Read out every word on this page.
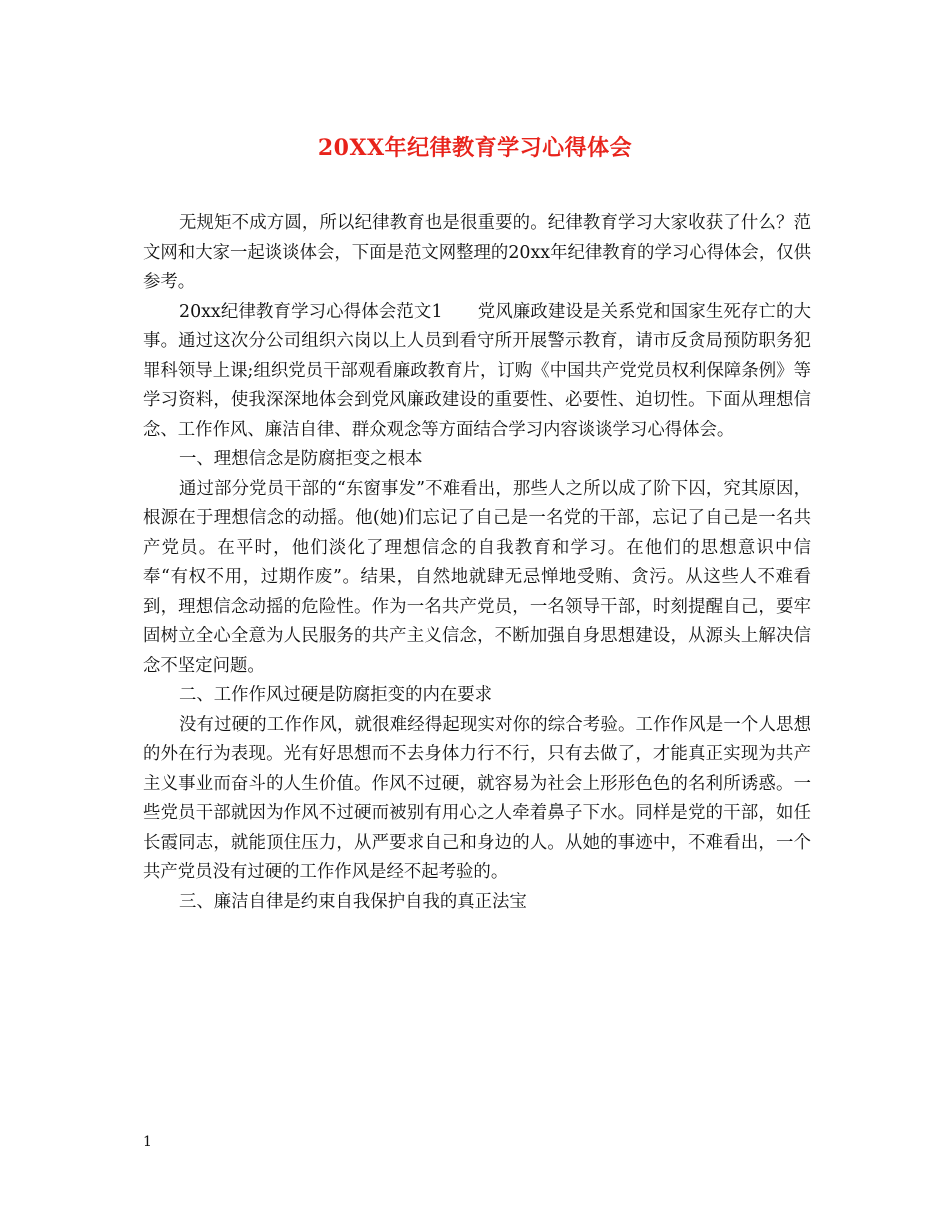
20XX年纪律教育学习心得体会

无规矩不成方圆，所以纪律教育也是很重要的。纪律教育学习大家收获了什么？范文网和大家一起谈谈体会，下面是范文网整理的20xx年纪律教育的学习心得体会，仅供参考。

20xx纪律教育学习心得体会范文1　　党风廉政建设是关系党和国家生死存亡的大事。通过这次分公司组织六岗以上人员到看守所开展警示教育，请市反贪局预防职务犯罪科领导上课;组织党员干部观看廉政教育片，订购《中国共产党党员权利保障条例》等学习资料，使我深深地体会到党风廉政建设的重要性、必要性、迫切性。下面从理想信念、工作作风、廉洁自律、群众观念等方面结合学习内容谈谈学习心得体会。

一、理想信念是防腐拒变之根本

通过部分党员干部的“东窗事发”不难看出，那些人之所以成了阶下囚，究其原因，根源在于理想信念的动摇。他(她)们忘记了自己是一名党的干部，忘记了自己是一名共产党员。在平时，他们淡化了理想信念的自我教育和学习。在他们的思想意识中信奉“有权不用，过期作废”。结果，自然地就肆无忌惮地受贿、贪污。从这些人不难看到，理想信念动摇的危险性。作为一名共产党员，一名领导干部，时刻提醒自己，要牢固树立全心全意为人民服务的共产主义信念，不断加强自身思想建设，从源头上解决信念不坚定问题。

二、工作作风过硬是防腐拒变的内在要求

没有过硬的工作作风，就很难经得起现实对你的综合考验。工作作风是一个人思想的外在行为表现。光有好思想而不去身体力行不行，只有去做了，才能真正实现为共产主义事业而奋斗的人生价值。作风不过硬，就容易为社会上形形色色的名利所诱惑。一些党员干部就因为作风不过硬而被别有用心之人牵着鼻子下水。同样是党的干部，如任长霞同志，就能顶住压力，从严要求自己和身边的人。从她的事迹中，不难看出，一个共产党员没有过硬的工作作风是经不起考验的。

三、廉洁自律是约束自我保护自我的真正法宝

1
